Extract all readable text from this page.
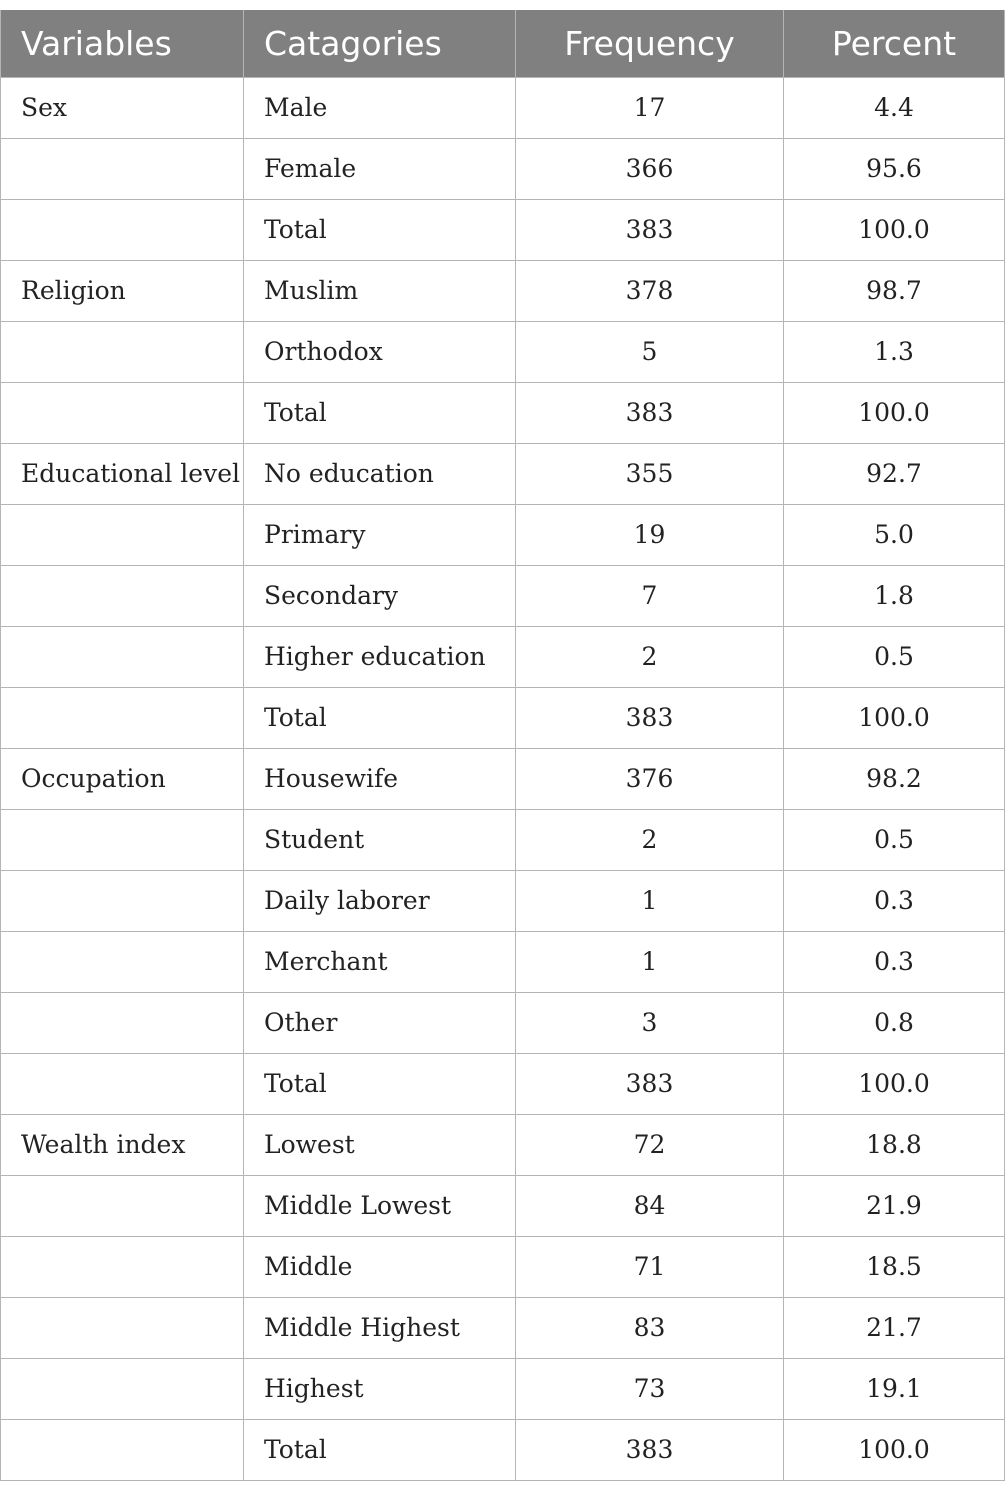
Variables	Catagories	Frequency	Percent
Sex	Male	17	4.4
	Female	366	95.6
	Total	383	100.0
Religion	Muslim	378	98.7
	Orthodox	5	1.3
	Total	383	100.0
Educational level	No education	355	92.7
	Primary	19	5.0
	Secondary	7	1.8
	Higher education	2	0.5
	Total	383	100.0
Occupation	Housewife	376	98.2
	Student	2	0.5
	Daily laborer	1	0.3
	Merchant	1	0.3
	Other	3	0.8
	Total	383	100.0
Wealth index	Lowest	72	18.8
	Middle Lowest	84	21.9
	Middle	71	18.5
	Middle Highest	83	21.7
	Highest	73	19.1
	Total	383	100.0
